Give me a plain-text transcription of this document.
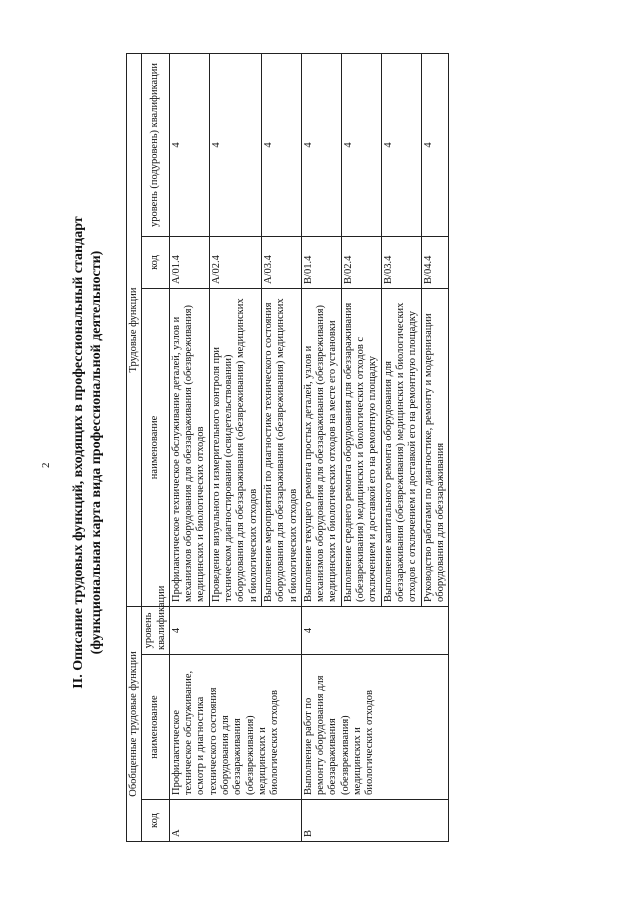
2 II. Описание трудовых функций, входящих в профессиональный стандарт (функциональная карта вида профессиональной деятельности)
Обобщенные трудовые функции			Трудовые функции		
код	наименование	уровень квалификации	наименование	код	уровень (подуровень) квалификации
A	Профилактическое техническое обслуживание, осмотр и диагностика технического состояния оборудования для обеззараживания (обезвреживания) медицинских и биологических отходов	4	Профилактическое техническое обслуживание деталей, узлов и механизмов оборудования для обеззараживания (обезвреживания) медицинских и биологических отходов	A/01.4	4
			Проведение визуального и измерительного контроля при техническом диагностировании (освидетельствовании) оборудования для обеззараживания (обезвреживания) медицинских и биологических отходов	A/02.4	4
			Выполнение мероприятий по диагностике технического состояния оборудования для обеззараживания (обезвреживания) медицинских и биологических отходов	A/03.4	4
B	Выполнение работ по ремонту оборудования для обеззараживания (обезвреживания) медицинских и биологических отходов	4	Выполнение текущего ремонта простых деталей, узлов и механизмов оборудования для обеззараживания (обезвреживания) медицинских и биологических отходов на месте его установки	B/01.4	4
			Выполнение среднего ремонта оборудования для обеззараживания (обезвреживания) медицинских и биологических отходов с отключением и доставкой его на ремонтную площадку	B/02.4	4
			Выполнение капитального ремонта оборудования для обеззараживания (обезвреживания) медицинских и биологических отходов с отключением и доставкой его на ремонтную площадку	B/03.4	4
			Руководство работами по диагностике, ремонту и модернизации оборудования для обеззараживания	B/04.4	4
